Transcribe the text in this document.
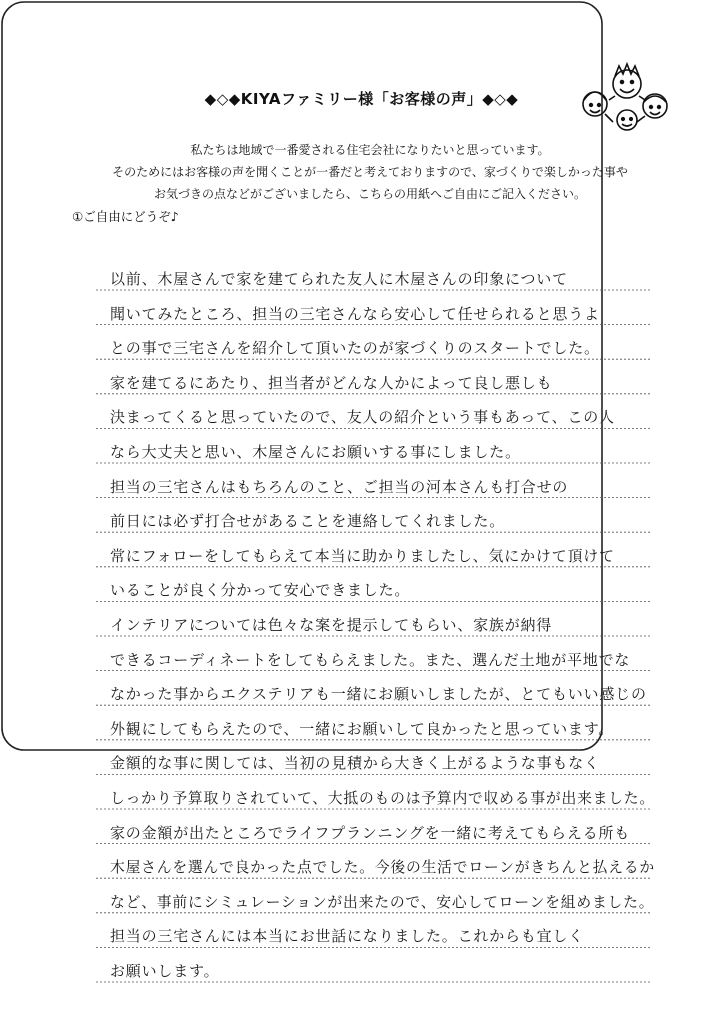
◆◇◆KIYAファミリー様「お客様の声」◆◇◆
私たちは地域で一番愛される住宅会社になりたいと思っています。
そのためにはお客様の声を聞くことが一番だと考えておりますので、家づくりで楽しかった事や
お気づきの点などがございましたら、こちらの用紙へご自由にご記入ください。
①ご自由にどうぞ♪
以前、木屋さんで家を建てられた友人に木屋さんの印象について
聞いてみたところ、担当の三宅さんなら安心して任せられると思うよ
との事で三宅さんを紹介して頂いたのが家づくりのスタートでした。
家を建てるにあたり、担当者がどんな人かによって良し悪しも
決まってくると思っていたので、友人の紹介という事もあって、この人
なら大丈夫と思い、木屋さんにお願いする事にしました。
担当の三宅さんはもちろんのこと、ご担当の河本さんも打合せの
前日には必ず打合せがあることを連絡してくれました。
常にフォローをしてもらえて本当に助かりましたし、気にかけて頂けて
いることが良く分かって安心できました。
インテリアについては色々な案を提示してもらい、家族が納得
できるコーディネートをしてもらえました。また、選んだ土地が平地でな
なかった事からエクステリアも一緒にお願いしましたが、とてもいい感じの
外観にしてもらえたので、一緒にお願いして良かったと思っています。
金額的な事に関しては、当初の見積から大きく上がるような事もなく
しっかり予算取りされていて、大抵のものは予算内で収める事が出来ました。
家の金額が出たところでライフプランニングを一緒に考えてもらえる所も
木屋さんを選んで良かった点でした。今後の生活でローンがきちんと払えるか
など、事前にシミュレーションが出来たので、安心してローンを組めました。
担当の三宅さんには本当にお世話になりました。これからも宜しく
お願いします。
